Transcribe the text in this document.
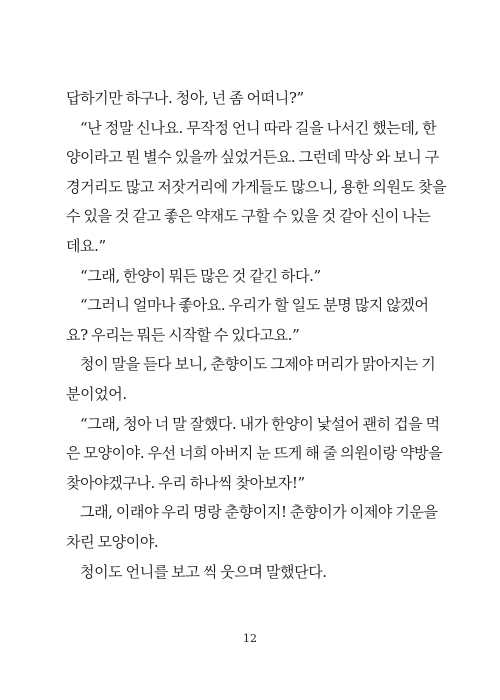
답하기만 하구나. 청아, 넌 좀 어떠니?”
“난 정말 신나요. 무작정 언니 따라 길을 나서긴 했는데, 한
양이라고 뭔 별수 있을까 싶었거든요. 그런데 막상 와 보니 구
경거리도 많고 저잣거리에 가게들도 많으니, 용한 의원도 찾을
수 있을 것 같고 좋은 약재도 구할 수 있을 것 같아 신이 나는
데요.”
“그래, 한양이 뭐든 많은 것 같긴 하다.”
“그러니 얼마나 좋아요. 우리가 할 일도 분명 많지 않겠어
요? 우리는 뭐든 시작할 수 있다고요.”
청이 말을 듣다 보니, 춘향이도 그제야 머리가 맑아지는 기
분이었어.
“그래, 청아 너 말 잘했다. 내가 한양이 낯설어 괜히 겁을 먹
은 모양이야. 우선 너희 아버지 눈 뜨게 해 줄 의원이랑 약방을
찾아야겠구나. 우리 하나씩 찾아보자!”
그래, 이래야 우리 명랑 춘향이지! 춘향이가 이제야 기운을
차린 모양이야.
청이도 언니를 보고 씩 웃으며 말했단다.
12
